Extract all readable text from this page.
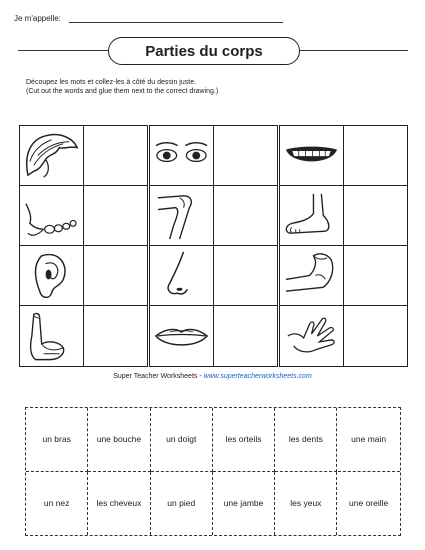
Je m'appelle:
Parties du corps
Découpez les mots et collez-les à côté du dessin juste.
(Cut out the words and glue them next to the correct drawing.)
Super Teacher Worksheets - www.superteacherworksheets.com
un bras	une bouche	un doigt	les orteils	les dents	une main
un nez	les cheveux	un pied	une jambe	les yeux	une oreille
